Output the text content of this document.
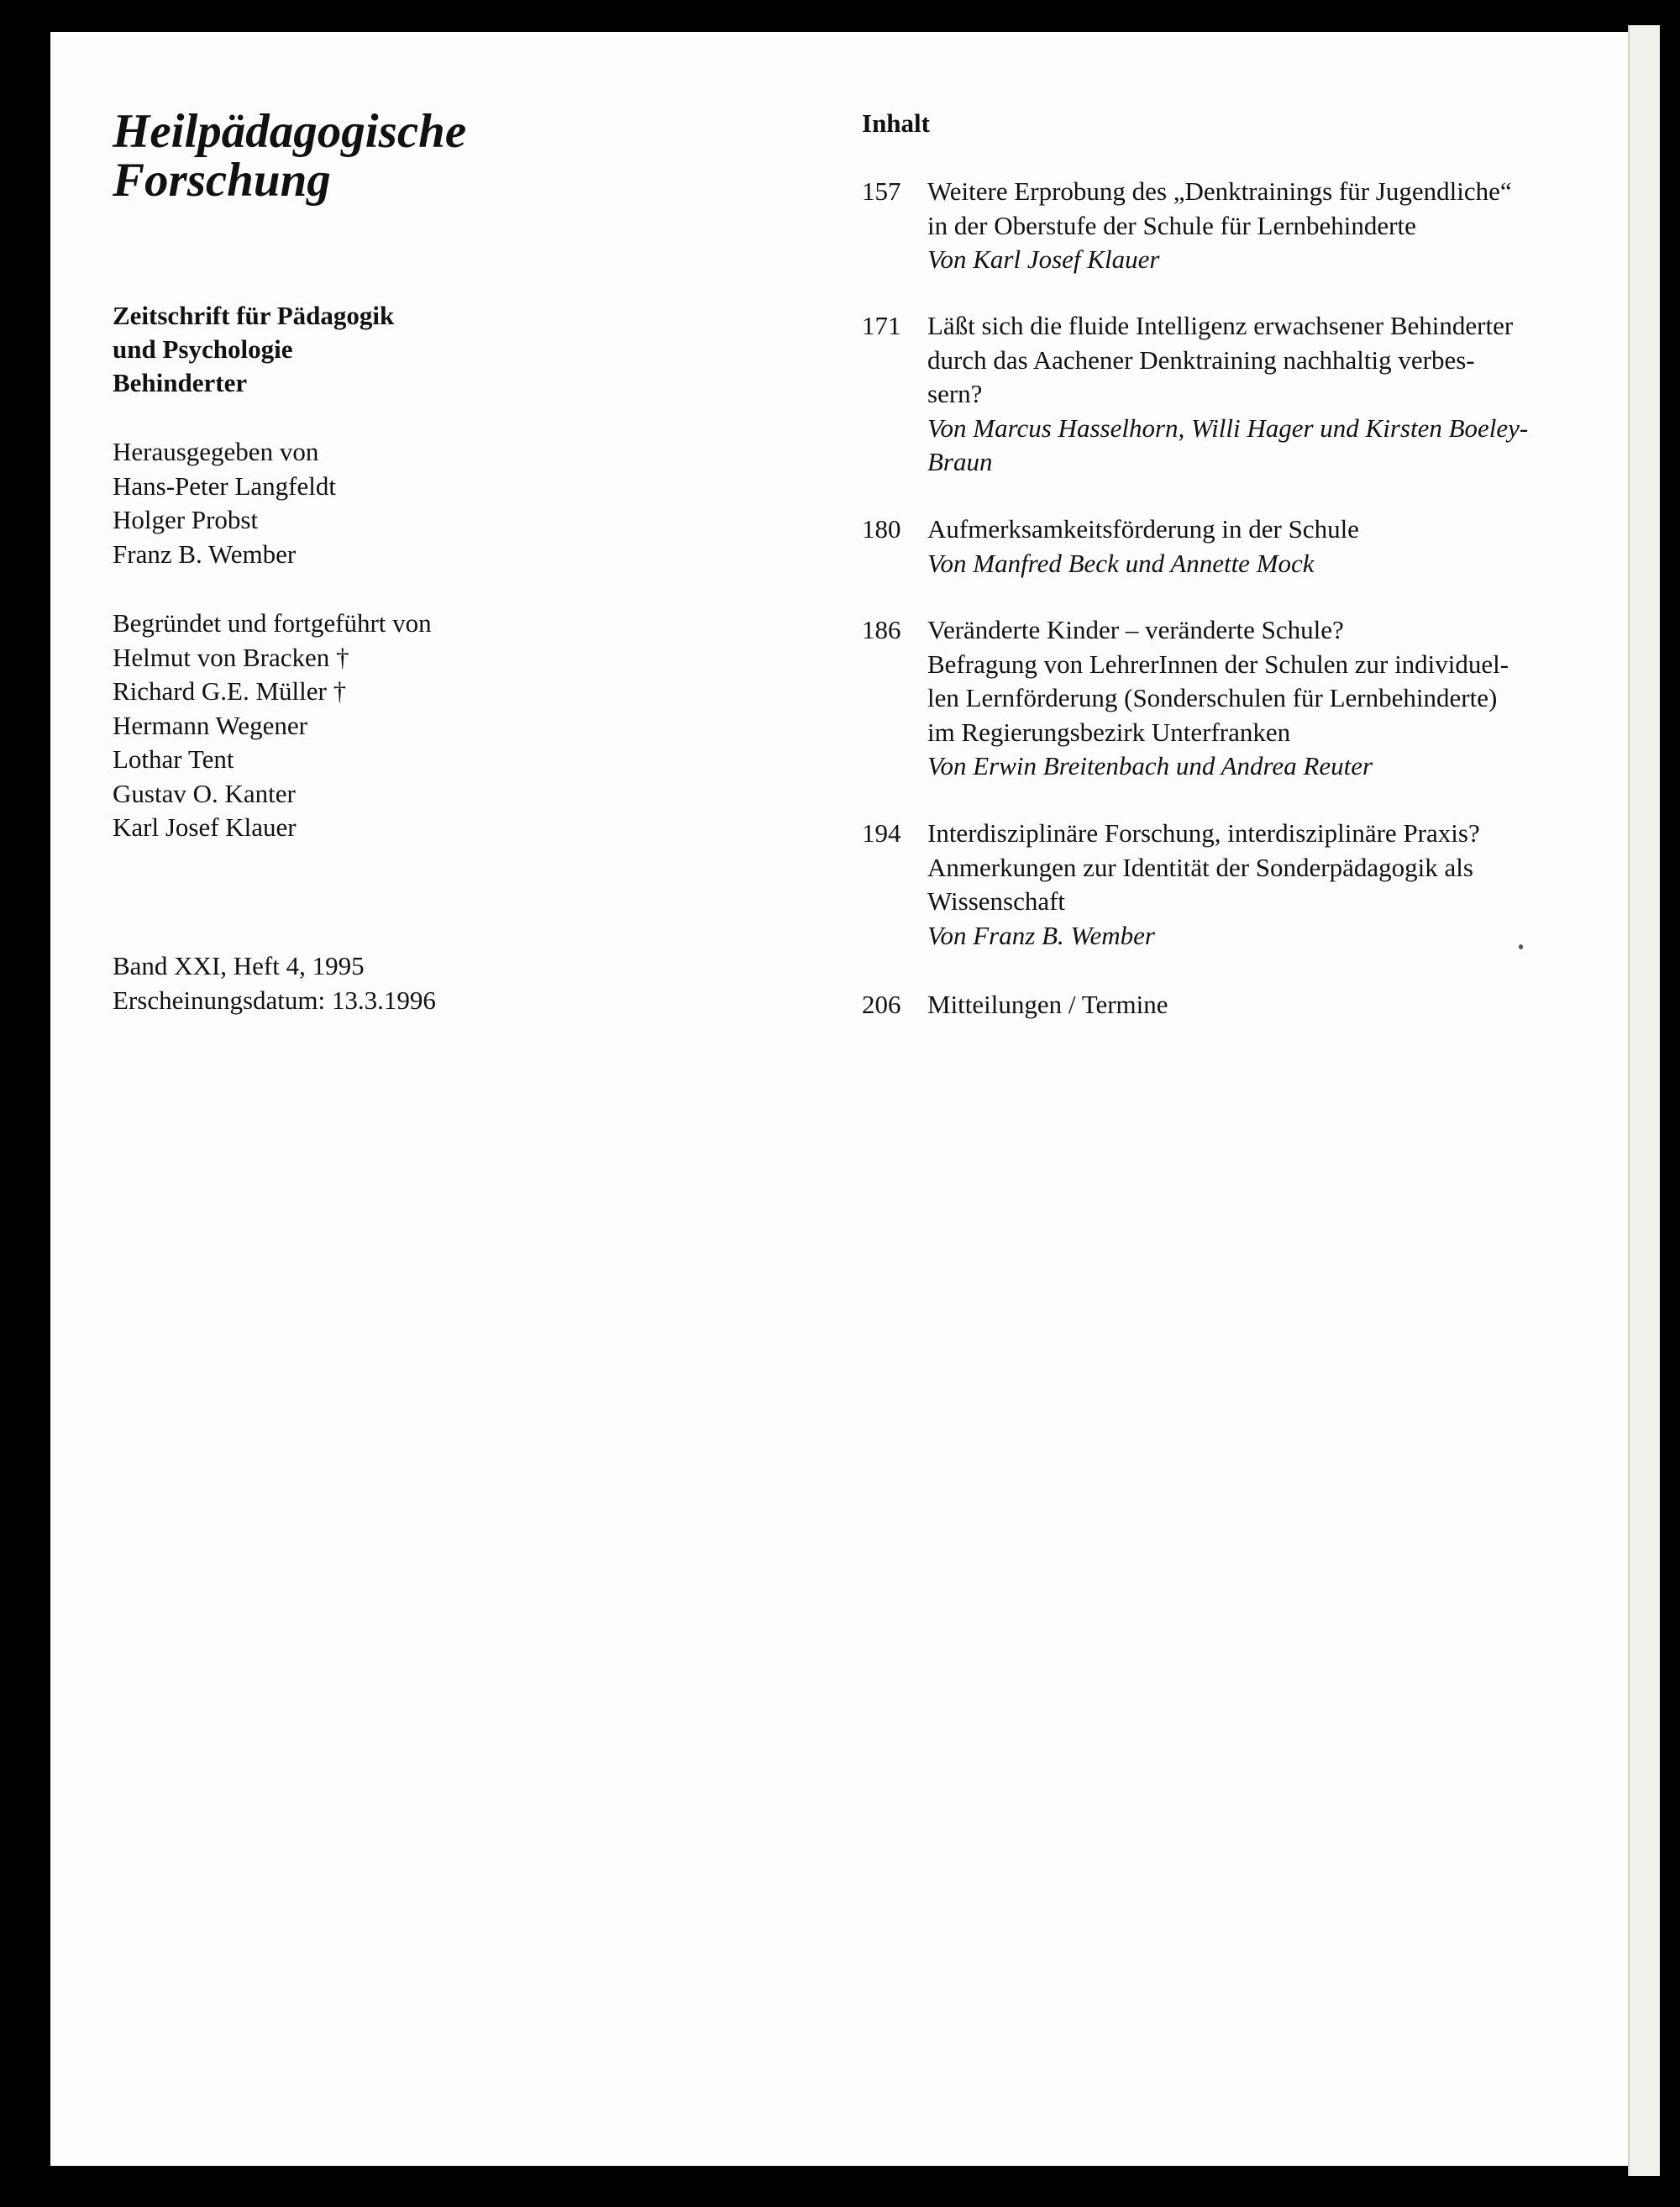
Heilpädagogische
Forschung
Zeitschrift für Pädagogik
und Psychologie
Behinderter
Herausgegeben von
Hans-Peter Langfeldt
Holger Probst
Franz B. Wember
Begründet und fortgeführt von
Helmut von Bracken †
Richard G.E. Müller †
Hermann Wegener
Lothar Tent
Gustav O. Kanter
Karl Josef Klauer
Band XXI, Heft 4, 1995
Erscheinungsdatum: 13.3.1996
Inhalt
157	Weitere Erprobung des „Denktrainings für Jugendliche“
in der Oberstufe der Schule für Lernbehinderte
Von Karl Josef Klauer
171	Läßt sich die fluide Intelligenz erwachsener Behinderter
durch das Aachener Denktraining nachhaltig verbes-
sern?
Von Marcus Hasselhorn, Willi Hager und Kirsten Boeley-
Braun
180	Aufmerksamkeitsförderung in der Schule
Von Manfred Beck und Annette Mock
186	Veränderte Kinder – veränderte Schule?
Befragung von LehrerInnen der Schulen zur individuel-
len Lernförderung (Sonderschulen für Lernbehinderte)
im Regierungsbezirk Unterfranken
Von Erwin Breitenbach und Andrea Reuter
194	Interdisziplinäre Forschung, interdisziplinäre Praxis?
Anmerkungen zur Identität der Sonderpädagogik als
Wissenschaft
Von Franz B. Wember
206	Mitteilungen / Termine
